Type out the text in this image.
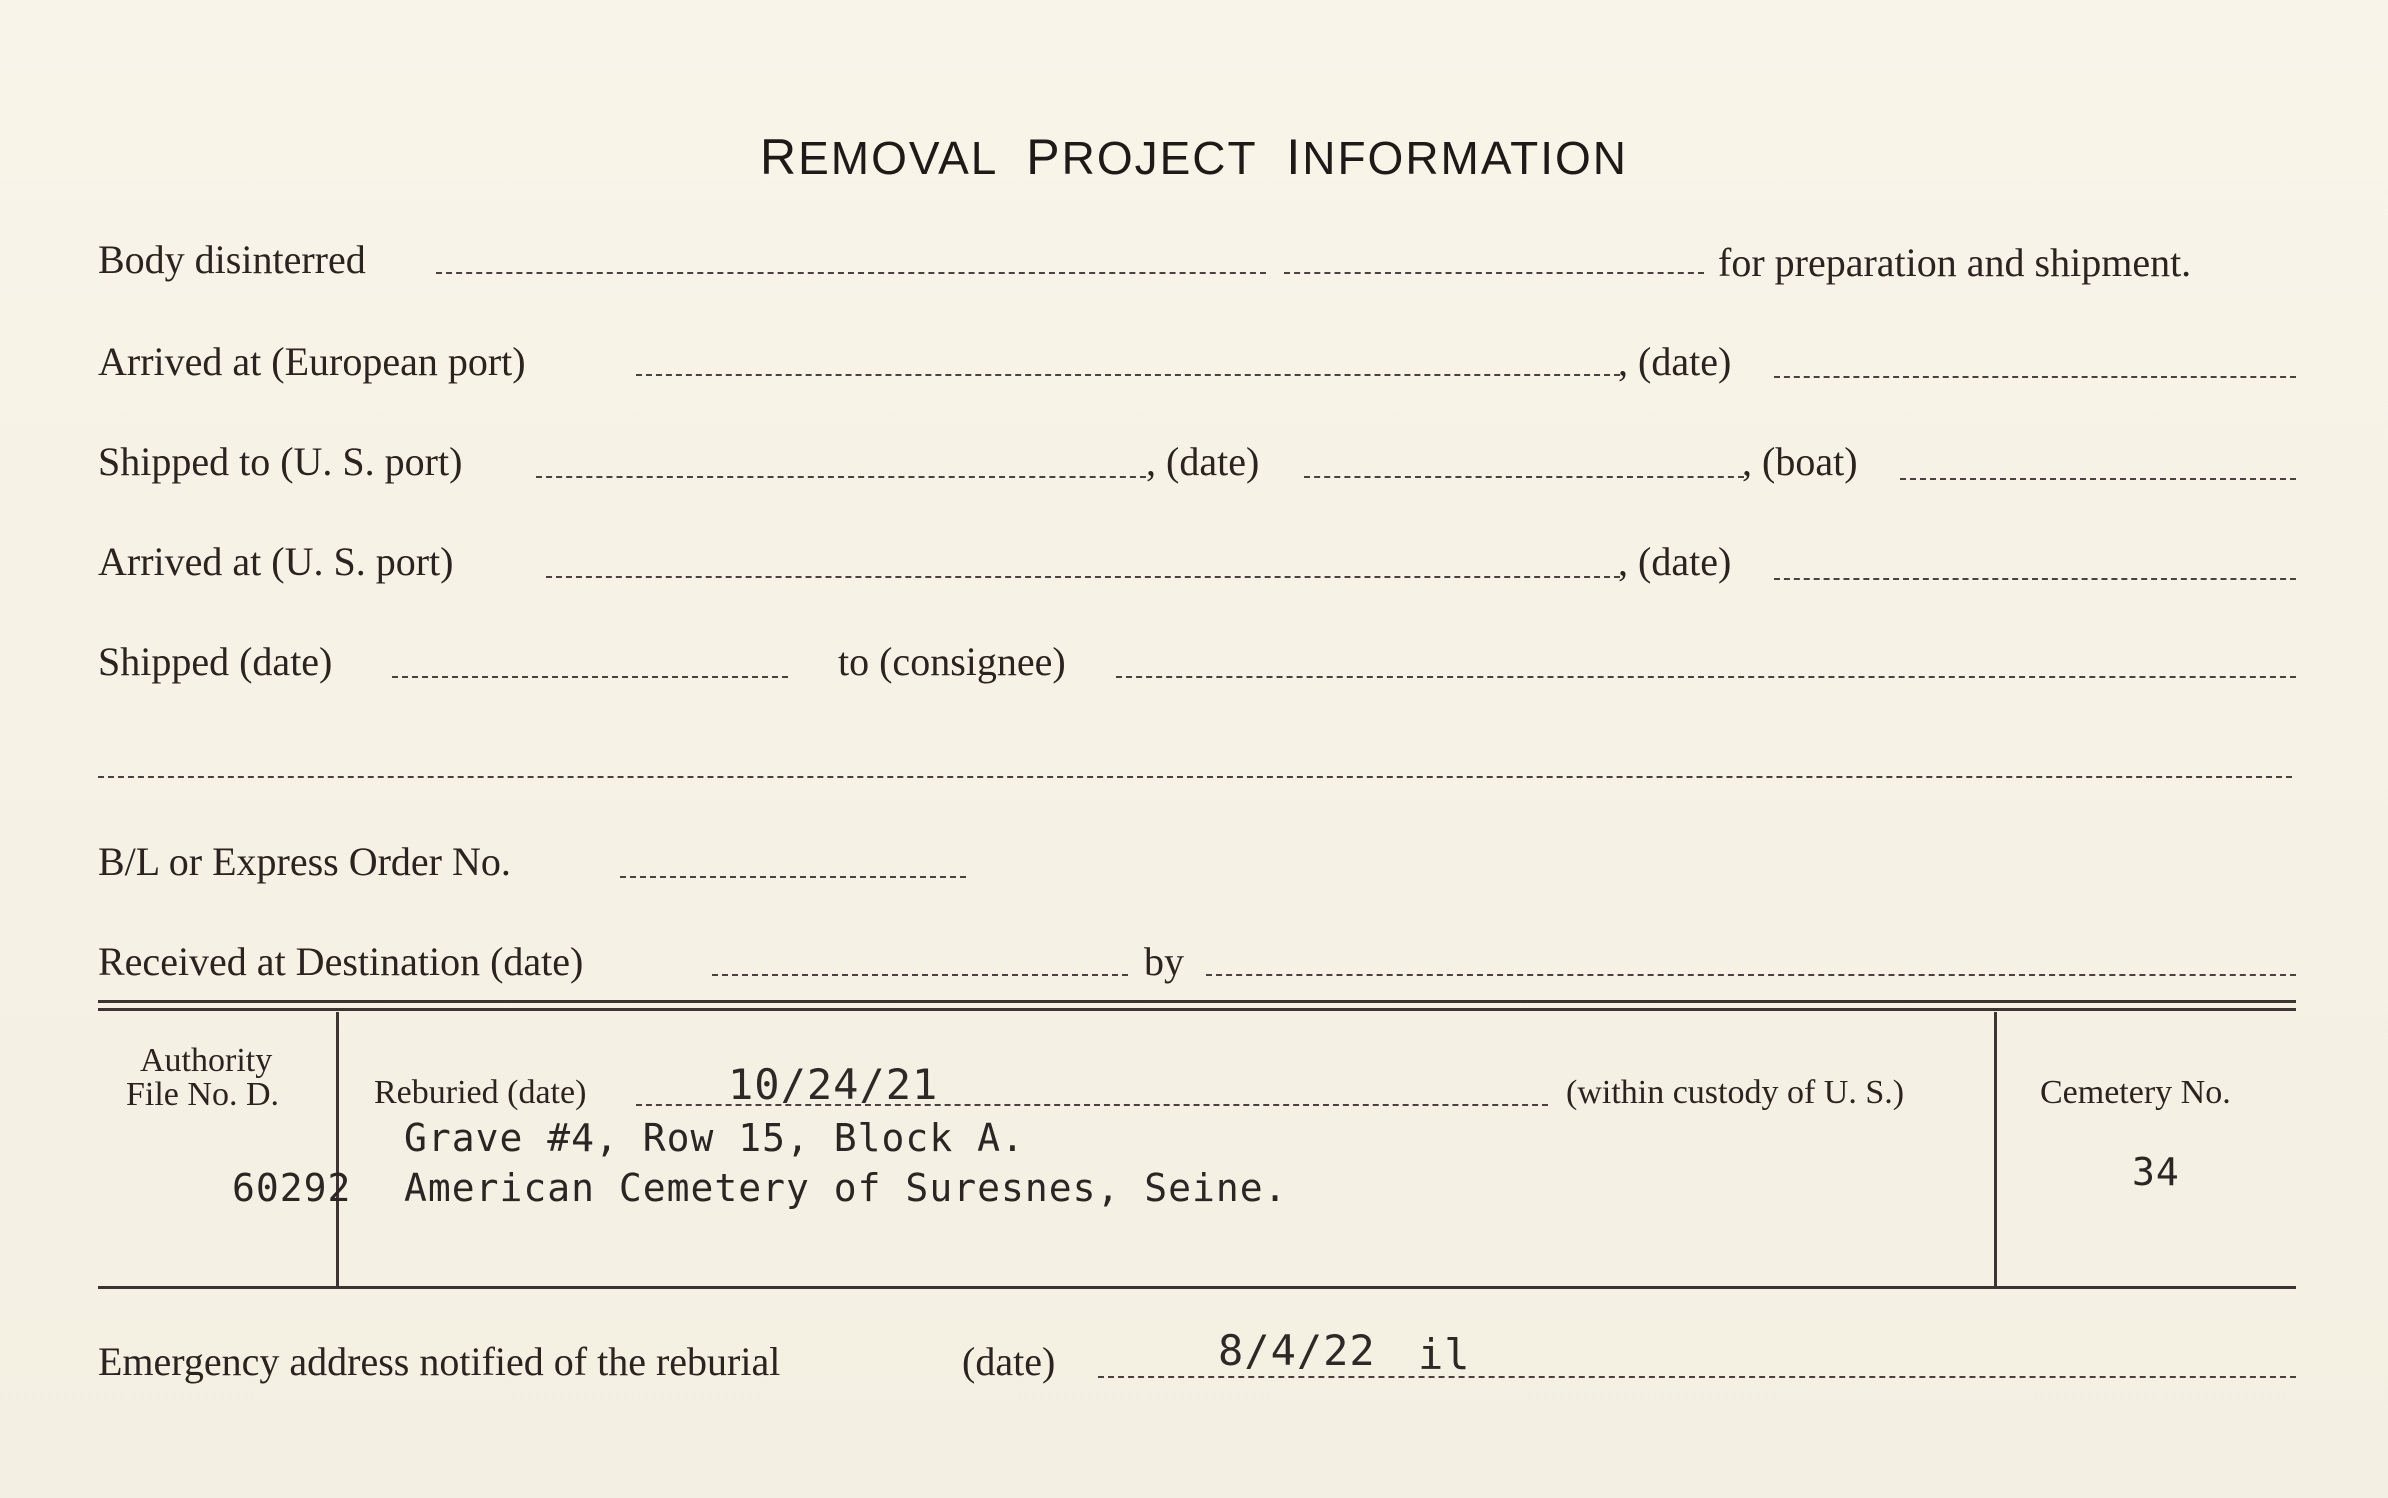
REMOVAL PROJECT INFORMATION
Body disinterred	for preparation and shipment.
Arrived at (European port)	, (date)
Shipped to (U. S. port)	, (date)	, (boat)
Arrived at (U. S. port)	, (date)
Shipped (date)	to (consignee)
B/L or Express Order No.
Received at Destination (date)	by
Authority
File No. D.
60292
Reburied (date)	10/24/21	(within custody of U. S.)
Grave #4, Row 15, Block A.
American Cemetery of Suresnes, Seine.
Cemetery No.
34
Emergency address notified of the reburial	(date)	8/4/22 il
